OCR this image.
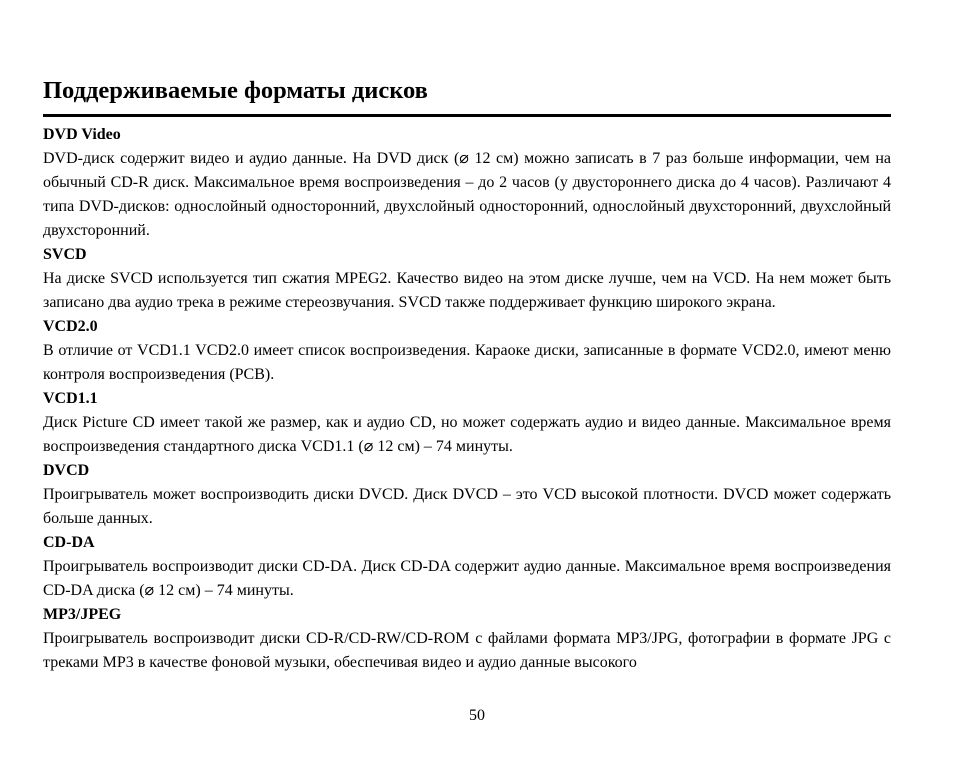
Поддерживаемые форматы дисков

DVD Video

DVD-диск содержит видео и аудио данные. На DVD диск (⌀ 12 см) можно записать в 7 раз больше информации, чем на обычный CD-R диск. Максимальное время воспроизведения – до 2 часов (у двустороннего диска до 4 часов). Различают 4 типа DVD-дисков: однослойный односторонний, двухслойный односторонний, однослойный двухсторонний, двухслойный двухсторонний.

SVCD

На диске SVCD используется тип сжатия MPEG2. Качество видео на этом диске лучше, чем на VCD. На нем может быть записано два аудио трека в режиме стереозвучания. SVCD также поддерживает функцию широкого экрана.

VCD2.0

В отличие от VCD1.1 VCD2.0 имеет список воспроизведения. Караоке диски, записанные в формате VCD2.0, имеют меню контроля воспроизведения (PCB).

VCD1.1

Диск Picture CD имеет такой же размер, как и аудио CD, но может содержать аудио и видео данные. Максимальное время воспроизведения стандартного диска VCD1.1 (⌀ 12 см) – 74 минуты.

DVCD

Проигрыватель может воспроизводить диски DVCD. Диск DVCD – это VCD высокой плотности. DVCD может содержать больше данных.

CD-DA

Проигрыватель воспроизводит диски CD-DA. Диск CD-DA содержит аудио данные. Максимальное время воспроизведения CD-DA диска (⌀ 12 см) – 74 минуты.

MP3/JPEG

Проигрыватель воспроизводит диски CD-R/CD-RW/CD-ROM с файлами формата MP3/JPG, фотографии в формате JPG с треками MP3 в качестве фоновой музыки, обеспечивая видео и аудио данные высокого

50
